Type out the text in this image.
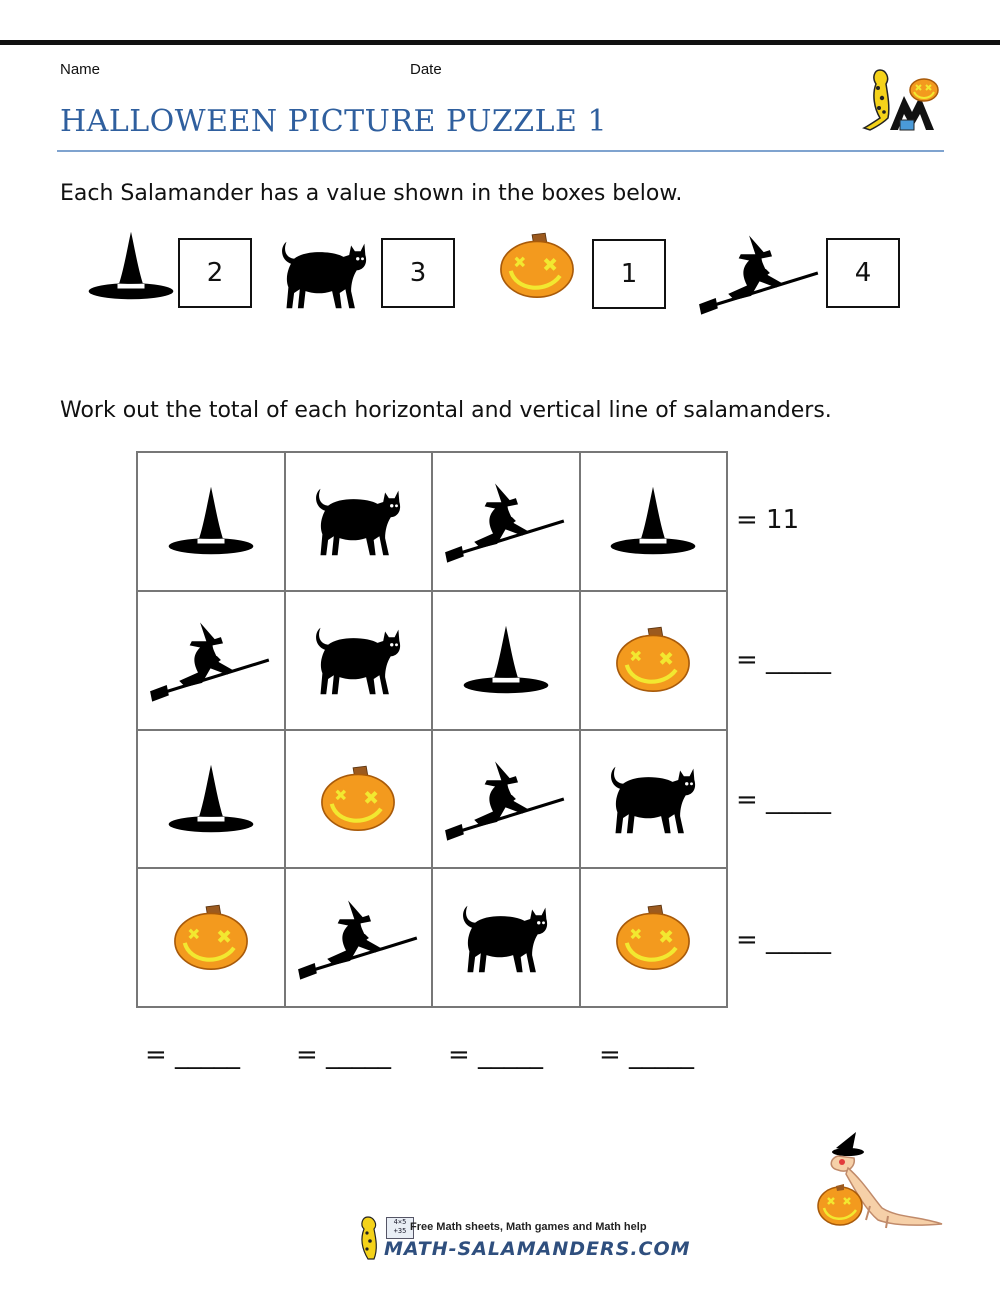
Name	Date
HALLOWEEN PICTURE PUZZLE 1
Each Salamander has a value shown in the boxes below.
2	3	1	4
Work out the total of each horizontal and vertical line of salamanders.
= 11
= _____
= _____
= _____
= _____ = _____ = _____ = _____
4×5
+35 Free Math sheets, Math games and Math help
MATH-SALAMANDERS.COM
